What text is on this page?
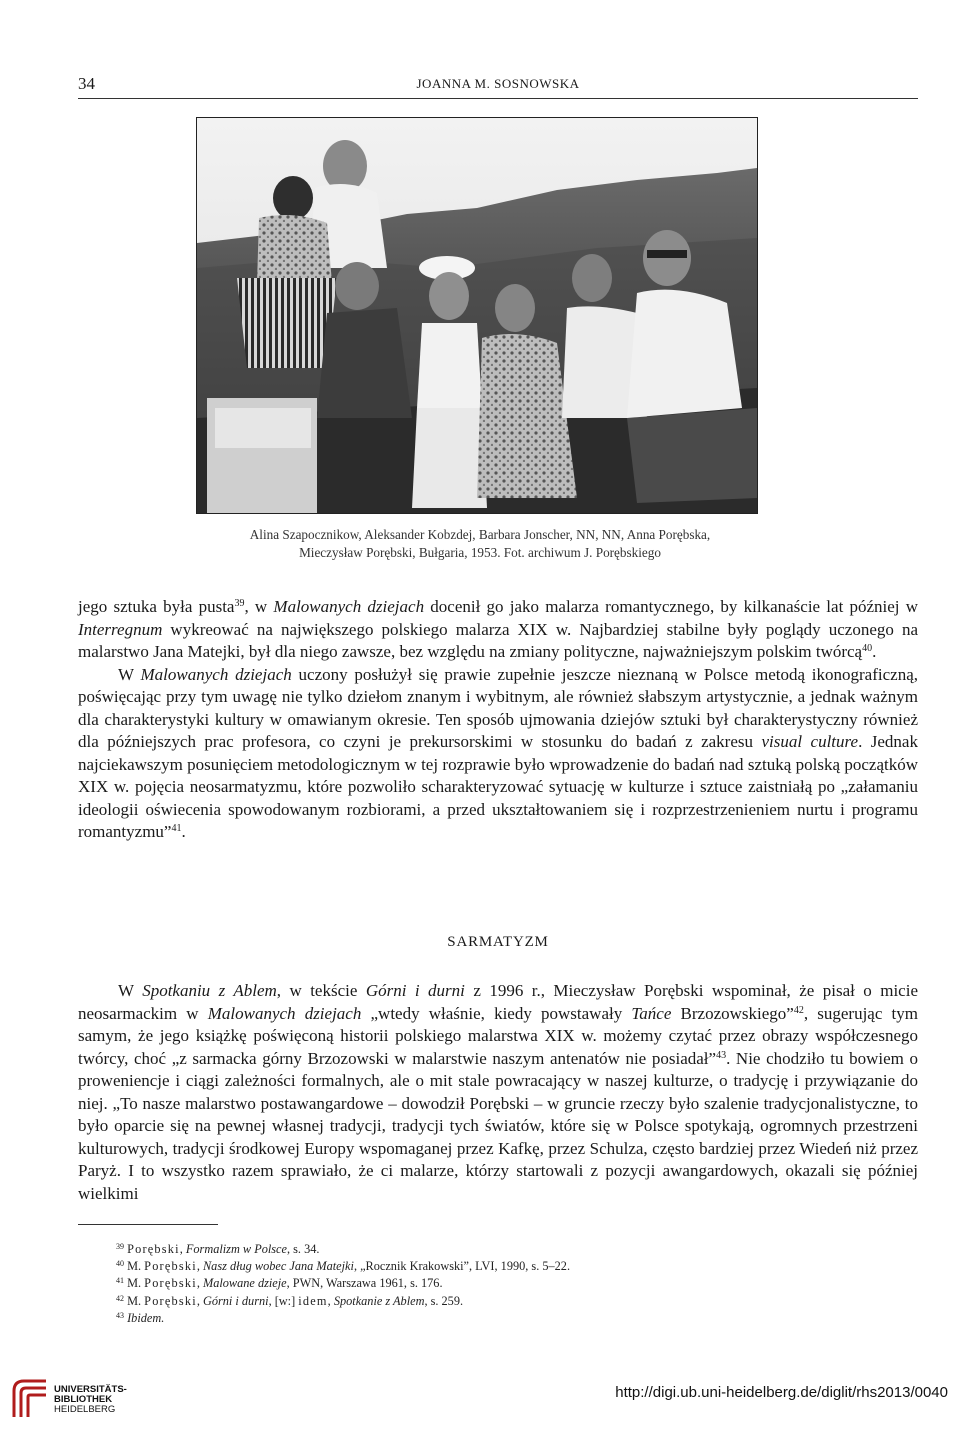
34	JOANNA M. SOSNOWSKA
Alina Szapocznikow, Aleksander Kobzdej, Barbara Jonscher, NN, NN, Anna Porębska,
Mieczysław Porębski, Bułgaria, 1953. Fot. archiwum J. Porębskiego

jego sztuka była pusta$^{39}$, w Malowanych dziejach docenił go jako malarza romantycznego, by kilkanaście lat później w Interregnum wykreować na największego polskiego malarza XIX w. Najbardziej stabilne były poglądy uczonego na malarstwo Jana Matejki, był dla niego zawsze, bez względu na zmiany polityczne, najważniejszym polskim twórcą$^{40}$.

W Malowanych dziejach uczony posłużył się prawie zupełnie jeszcze nieznaną w Polsce metodą ikonograficzną, poświęcając przy tym uwagę nie tylko dziełom znanym i wybitnym, ale również słabszym artystycznie, a jednak ważnym dla charakterystyki kultury w omawianym okresie. Ten sposób ujmowania dziejów sztuki był charakterystyczny również dla późniejszych prac profesora, co czyni je prekursorskimi w stosunku do badań z zakresu visual culture. Jednak najciekawszym posunięciem metodologicznym w tej rozprawie było wprowadzenie do badań nad sztuką polską początków XIX w. pojęcia neosarmatyzmu, które pozwoliło scharakteryzować sytuację w kulturze i sztuce zaistniałą po „załamaniu ideologii oświecenia spowodowanym rozbiorami, a przed ukształtowaniem się i rozprzestrzenieniem nurtu i programu romantyzmu”$^{41}$.

SARMATYZM

W Spotkaniu z Ablem, w tekście Górni i durni z 1996 r., Mieczysław Porębski wspominał, że pisał o micie neosarmackim w Malowanych dziejach „wtedy właśnie, kiedy powstawały Tańce Brzozowskiego”$^{42}$, sugerując tym samym, że jego książkę poświęconą historii polskiego malarstwa XIX w. możemy czytać przez obrazy współczesnego twórcy, choć „z sarmacka górny Brzozowski w malarstwie naszym antenatów nie posiadał”$^{43}$. Nie chodziło tu bowiem o proweniencje i ciągi zależności formalnych, ale o mit stale powracający w naszej kulturze, o tradycję i przywiązanie do niej. „To nasze malarstwo postawangardowe – dowodził Porębski – w gruncie rzeczy było szalenie tradycjonalistyczne, to było oparcie się na pewnej własnej tradycji, tradycji tych światów, które się w Polsce spotykają, ogromnych przestrzeni kulturowych, tradycji środkowej Europy wspomaganej przez Kafkę, przez Schulza, często bardziej przez Wiedeń niż przez Paryż. I to wszystko razem sprawiało, że ci malarze, którzy startowali z pozycji awangardowych, okazali się później wielkimi

$^{39}$ Porębski, Formalizm w Polsce, s. 34.

$^{40}$ M. Porębski, Nasz dług wobec Jana Matejki, „Rocznik Krakowski”, LVI, 1990, s. 5–22.

$^{41}$ M. Porębski, Malowane dzieje, PWN, Warszawa 1961, s. 176.

$^{42}$ M. Porębski, Górni i durni, [w:] idem, Spotkanie z Ablem, s. 259.

$^{43}$ Ibidem.

UNIVERSITÄTS-
BIBLIOTHEK
HEIDELBERG
http://digi.ub.uni-heidelberg.de/diglit/rhs2013/0040
